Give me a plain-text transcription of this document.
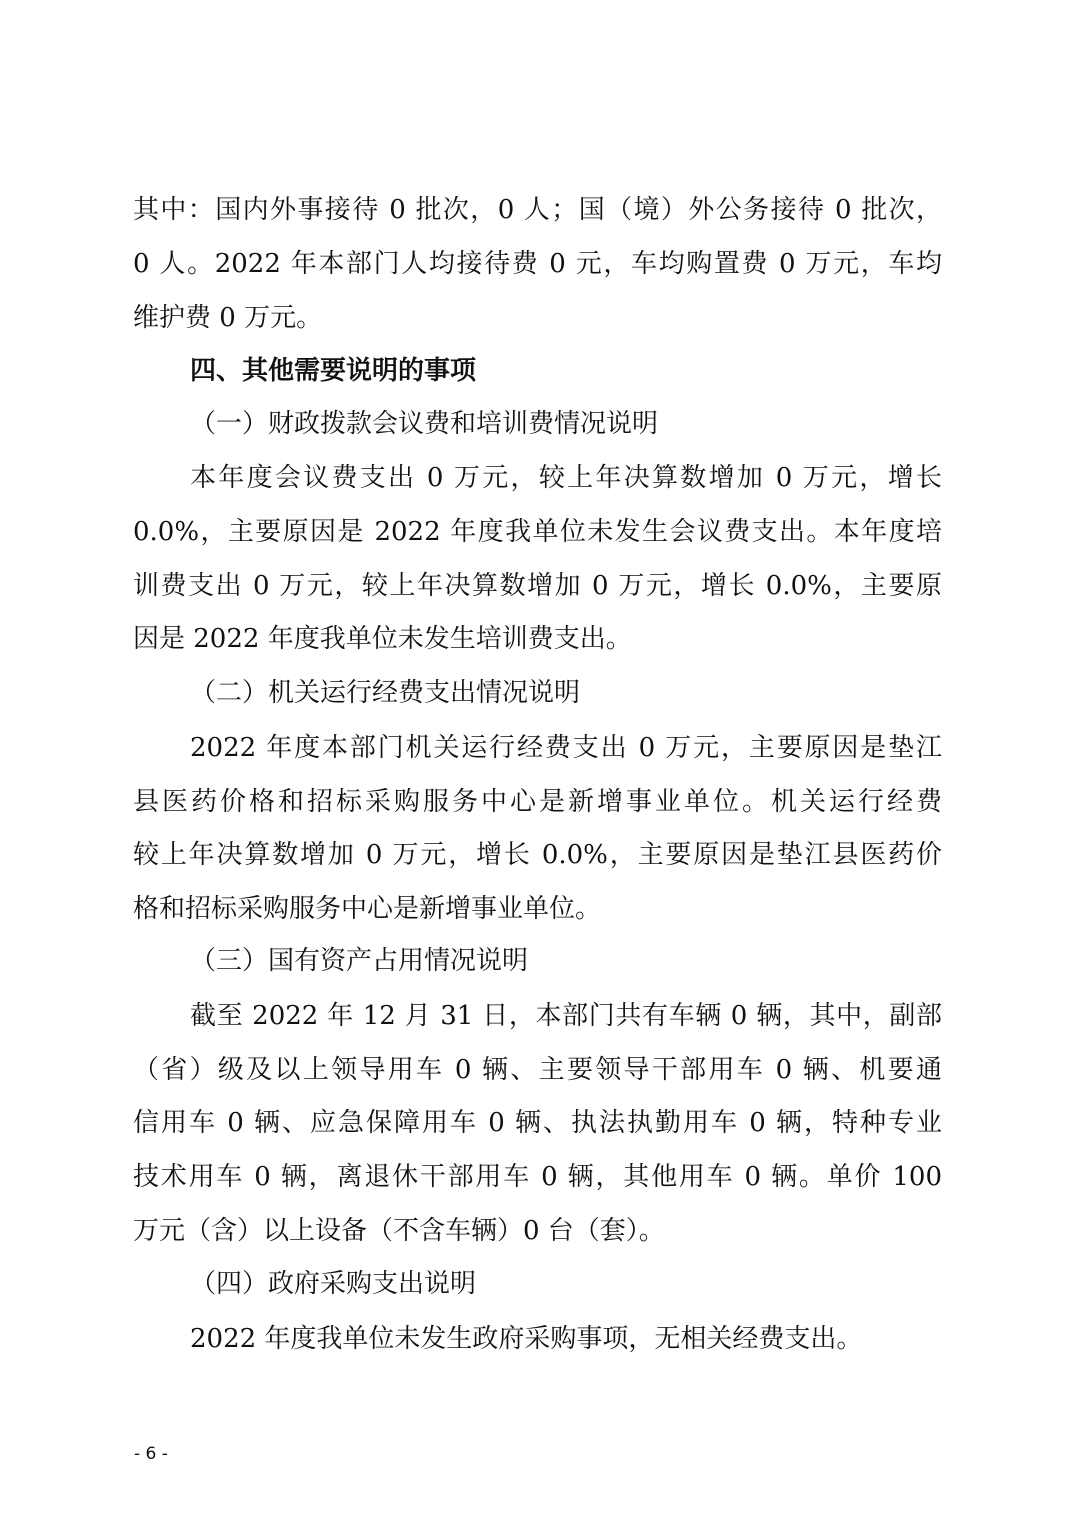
其中：国内外事接待 0 批次，0 人；国（境）外公务接待 0 批次，
0 人。2022 年本部门人均接待费 0 元，车均购置费 0 万元，车均
维护费 0 万元。
四、其他需要说明的事项
（一）财政拨款会议费和培训费情况说明
本年度会议费支出 0 万元，较上年决算数增加 0 万元，增长
0.0%，主要原因是 2022 年度我单位未发生会议费支出。本年度培
训费支出 0 万元，较上年决算数增加 0 万元，增长 0.0%，主要原
因是 2022 年度我单位未发生培训费支出。
（二）机关运行经费支出情况说明
2022 年度本部门机关运行经费支出 0 万元，主要原因是垫江
县医药价格和招标采购服务中心是新增事业单位。机关运行经费
较上年决算数增加 0 万元，增长 0.0%，主要原因是垫江县医药价
格和招标采购服务中心是新增事业单位。
（三）国有资产占用情况说明
截至 2022 年 12 月 31 日，本部门共有车辆 0 辆，其中，副部
（省）级及以上领导用车 0 辆、主要领导干部用车 0 辆、机要通
信用车 0 辆、应急保障用车 0 辆、执法执勤用车 0 辆，特种专业
技术用车 0 辆，离退休干部用车 0 辆，其他用车 0 辆。单价 100
万元（含）以上设备（不含车辆）0 台（套）。
（四）政府采购支出说明
2022 年度我单位未发生政府采购事项，无相关经费支出。
- 6 -
